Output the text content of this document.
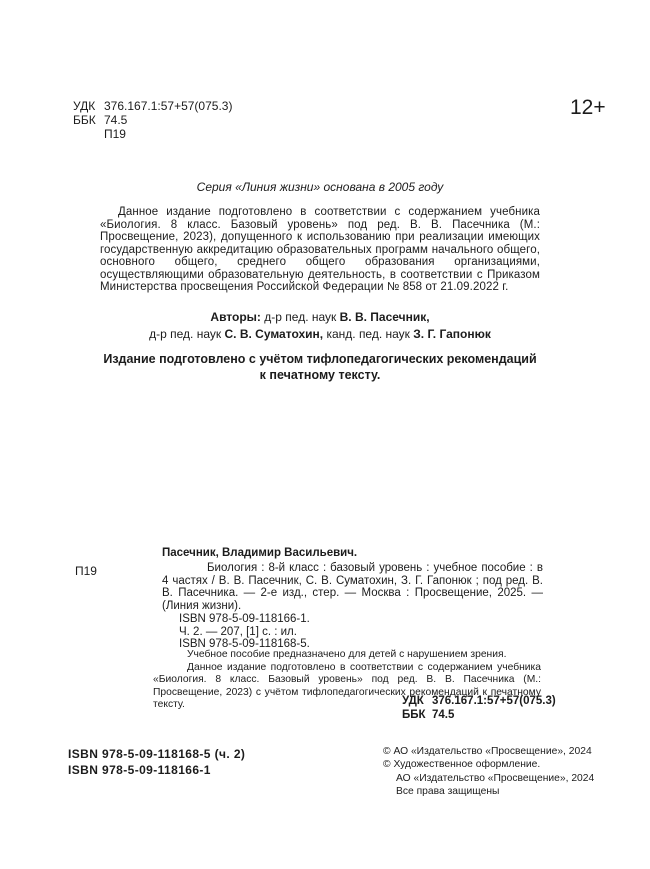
УДК 376.167.1:57+57(075.3)
ББК 74.5
П19
12+
Серия «Линия жизни» основана в 2005 году
Данное издание подготовлено в соответствии с содержанием учебника «Биология. 8 класс. Базовый уровень» под ред. В. В. Пасечника (М.: Просвещение, 2023), допущенного к использованию при реализации имеющих государственную аккредитацию образовательных программ начального общего, основного общего, среднего общего образования организациями, осуществляющими образовательную деятельность, в соответствии с Приказом Министерства просвещения Российской Федерации № 858 от 21.09.2022 г.
Авторы: д-р пед. наук В. В. Пасечник,
д-р пед. наук С. В. Суматохин, канд. пед. наук З. Г. Гапонюк
Издание подготовлено с учётом тифлопедагогических рекомендаций к печатному тексту.
П19
Пасечник, Владимир Васильевич.
Биология : 8-й класс : базовый уровень : учебное пособие : в 4 частях / В. В. Пасечник, С. В. Суматохин, З. Г. Гапонюк ; под ред. В. В. Пасечника. — 2-е изд., стер. — Москва : Просвещение, 2025. — (Линия жизни).
ISBN 978-5-09-118166-1.
Ч. 2. — 207, [1] с. : ил.
ISBN 978-5-09-118168-5.

Учебное пособие предназначено для детей с нарушением зрения.

Данное издание подготовлено в соответствии с содержанием учебника «Биология. 8 класс. Базовый уровень» под ред. В. В. Пасечника (М.: Просвещение, 2023) с учётом тифлопедагогических рекомендаций к печатному тексту.	УДК 376.167.1:57+57(075.3)
ББК 74.5
ISBN 978-5-09-118168-5 (ч. 2)
ISBN 978-5-09-118166-1
© АО «Издательство «Просвещение», 2024
© Художественное оформление.
АО «Издательство «Просвещение», 2024
Все права защищены
